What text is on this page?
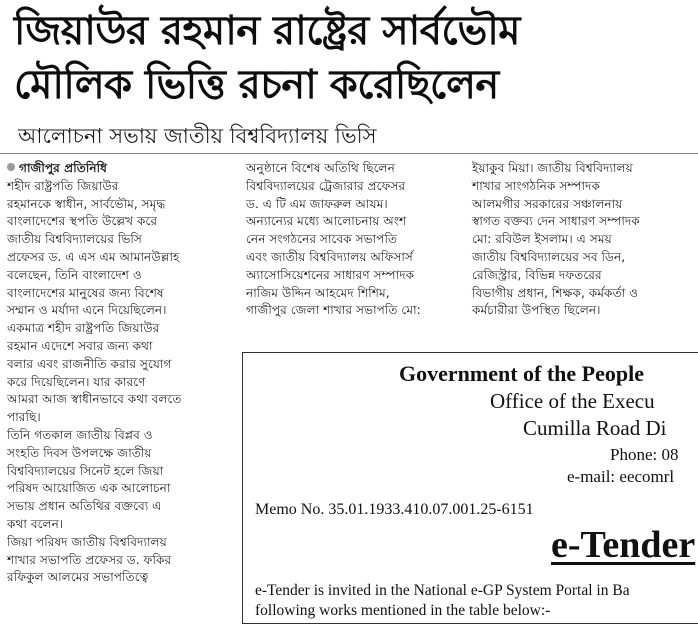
জিয়াউর রহমান রাষ্ট্রের সার্বভৌম
মৌলিক ভিত্তি রচনা করেছিলেন
আলোচনা সভায় জাতীয় বিশ্ববিদ্যালয় ভিসি
গাজীপুর প্রতিনিধি

শহীদ রাষ্ট্রপতি জিয়াউর
রহমানকে স্বাধীন, সার্বভৌম, সমৃদ্ধ
বাংলাদেশের স্থপতি উল্লেখ করে
জাতীয় বিশ্ববিদ্যালয়ের ভিসি
প্রফেসর ড. এ এস এম আমানউল্লাহ
বলেছেন, তিনি বাংলাদেশ ও
বাংলাদেশের মানুষের জন্য বিশেষ
সম্মান ও মর্যাদা এনে দিয়েছিলেন।
একমাত্র শহীদ রাষ্ট্রপতি জিয়াউর
রহমান এদেশে সবার জন্য কথা
বলার এবং রাজনীতি করার সুযোগ
করে দিয়েছিলেন। যার কারণে
আমরা আজ স্বাধীনভাবে কথা বলতে
পারছি।

তিনি গতকাল জাতীয় বিপ্লব ও
সংহতি দিবস উপলক্ষে জাতীয়
বিশ্ববিদ্যালয়ের সিনেট হলে জিয়া
পরিষদ আয়োজিত এক আলোচনা
সভায় প্রধান অতিথির বক্তব্যে এ
কথা বলেন।

জিয়া পরিষদ জাতীয় বিশ্ববিদ্যালয়
শাখার সভাপতি প্রফেসর ড. ফকির
রফিকুল আলমের সভাপতিত্বে

অনুষ্ঠানে বিশেষ অতিথি ছিলেন
বিশ্ববিদ্যালয়ের ট্রেজারার প্রফেসর
ড. এ টি এম জাফরুল আযম।
অন্যান্যের মধ্যে আলোচনায় অংশ
নেন সংগঠনের সাবেক সভাপতি
এবং জাতীয় বিশ্ববিদ্যালয় অফিসার্স
অ্যাসোসিয়েশনের সাধারণ সম্পাদক
নাজিম উদ্দিন আহমেদ শিশিম,
গাজীপুর জেলা শাখার সভাপতি মো:

ইয়াকুব মিয়া। জাতীয় বিশ্ববিদ্যালয়
শাখার সাংগঠনিক সম্পাদক
আলমগীর সরকারের সঞ্চালনায়
স্বাগত বক্তব্য দেন সাধারণ সম্পাদক
মো: রবিউল ইসলাম। এ সময়
জাতীয় বিশ্ববিদ্যালয়ের সব ডিন,
রেজিস্ট্রার, বিভিন্ন দফতরের
বিভাগীয় প্রধান, শিক্ষক, কর্মকর্তা ও
কর্মচারীরা উপস্থিত ছিলেন।

Government of the People
Office of the Execu
Cumilla Road Di
Phone: 08
e-mail: eecomrl
Memo No. 35.01.1933.410.07.001.25-6151
e-Tender
e-Tender is invited in the National e-GP System Portal in Ba
following works mentioned in the table below:-
